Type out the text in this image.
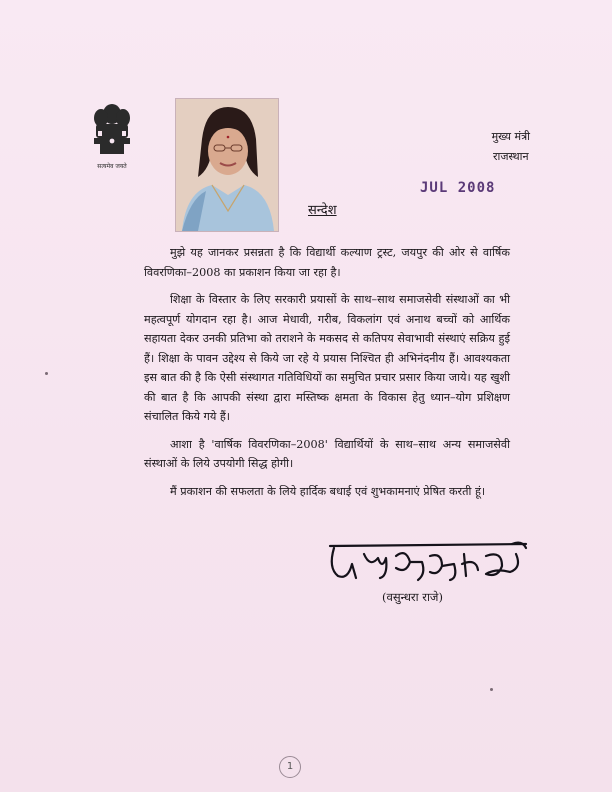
सत्यमेव जयते
मुख्य मंत्री
राजस्थान
JUL 2008
सन्देश

मुझे यह जानकर प्रसन्नता है कि विद्यार्थी कल्याण ट्रस्ट, जयपुर की ओर से वार्षिक विवरणिका–2008 का प्रकाशन किया जा रहा है।

शिक्षा के विस्तार के लिए सरकारी प्रयासों के साथ–साथ समाजसेवी संस्थाओं का भी महत्वपूर्ण योगदान रहा है। आज मेधावी, गरीब, विकलांग एवं अनाथ बच्चों को आर्थिक सहायता देकर उनकी प्रतिभा को तराशने के मकसद से कतिपय सेवाभावी संस्थाएं सक्रिय हुई हैं। शिक्षा के पावन उद्देश्य से किये जा रहे ये प्रयास निश्चित ही अभिनंदनीय हैं। आवश्यकता इस बात की है कि ऐसी संस्थागत गतिविधियों का समुचित प्रचार प्रसार किया जाये। यह खुशी की बात है कि आपकी संस्था द्वारा मस्तिष्क क्षमता के विकास हेतु ध्यान–योग प्रशिक्षण संचालित किये गये हैं।

आशा है 'वार्षिक विवरणिका–2008' विद्यार्थियों के साथ–साथ अन्य समाजसेवी संस्थाओं के लिये उपयोगी सिद्ध होगी।

मैं प्रकाशन की सफलता के लिये हार्दिक बधाई एवं शुभकामनाएं प्रेषित करती हूं।

(वसुन्धरा राजे)
1
